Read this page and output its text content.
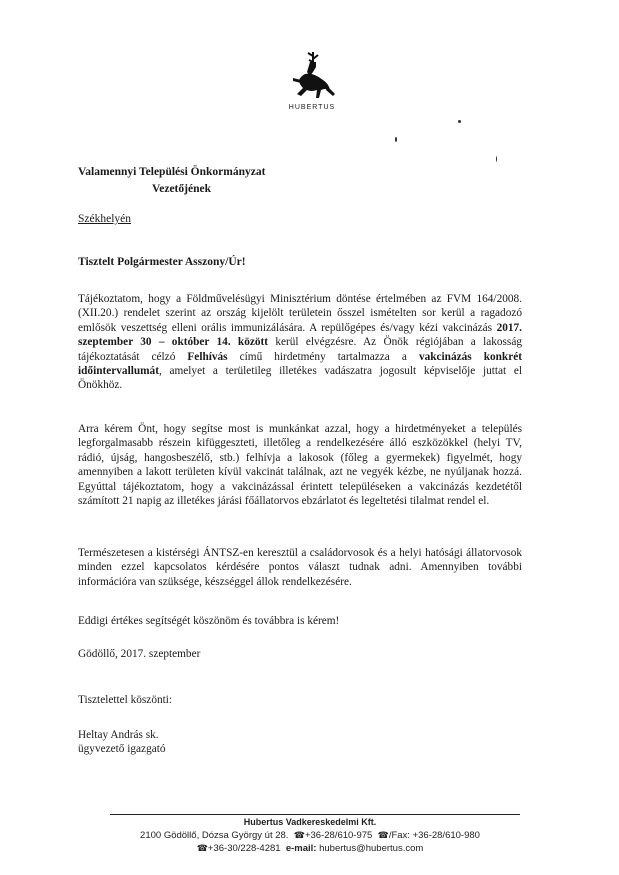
HUBERTUS
Valamennyi Települési Önkormányzat
Vezetőjének
Székhelyén
Tisztelt Polgármester Asszony/Úr!
Tájékoztatom, hogy a Földművelésügyi Minisztérium döntése értelmében az FVM 164/2008. (XII.20.) rendelet szerint az ország kijelölt területein ősszel ismételten sor kerül a ragadozó emlősök veszettség elleni orális immunizálására. A repülőgépes és/vagy kézi vakcinázás 2017. szeptember 30 – október 14. között kerül elvégzésre. Az Önök régiójában a lakosság tájékoztatását célzó Felhívás című hirdetmény tartalmazza a vakcinázás konkrét időintervallumát, amelyet a területileg illetékes vadászatra jogosult képviselője juttat el Önökhöz.
Arra kérem Önt, hogy segítse most is munkánkat azzal, hogy a hirdetményeket a település legforgalmasabb részein kifüggeszteti, illetőleg a rendelkezésére álló eszközökkel (helyi TV, rádió, újság, hangosbeszélő, stb.) felhívja a lakosok (főleg a gyermekek) figyelmét, hogy amennyiben a lakott területen kívül vakcinát találnak, azt ne vegyék kézbe, ne nyúljanak hozzá. Egyúttal tájékoztatom, hogy a vakcinázással érintett településeken a vakcinázás kezdetétől számított 21 napig az illetékes járási főállatorvos ebzárlatot és legeltetési tilalmat rendel el.
Természetesen a kistérségi ÁNTSZ-en keresztül a családorvosok és a helyi hatósági állatorvosok minden ezzel kapcsolatos kérdésére pontos választ tudnak adni. Amennyiben további információra van szüksége, készséggel állok rendelkezésére.
Eddigi értékes segítségét köszönöm és továbbra is kérem!
Gödöllő, 2017. szeptember
Tisztelettel köszönti:
Heltay András sk.
ügyvezető igazgató
Hubertus Vadkereskedelmi Kft.
2100 Gödöllő, Dózsa György út 28. ☎+36-28/610-975 ☎/Fax: +36-28/610-980
☎+36-30/228-4281 e-mail: hubertus@hubertus.com
